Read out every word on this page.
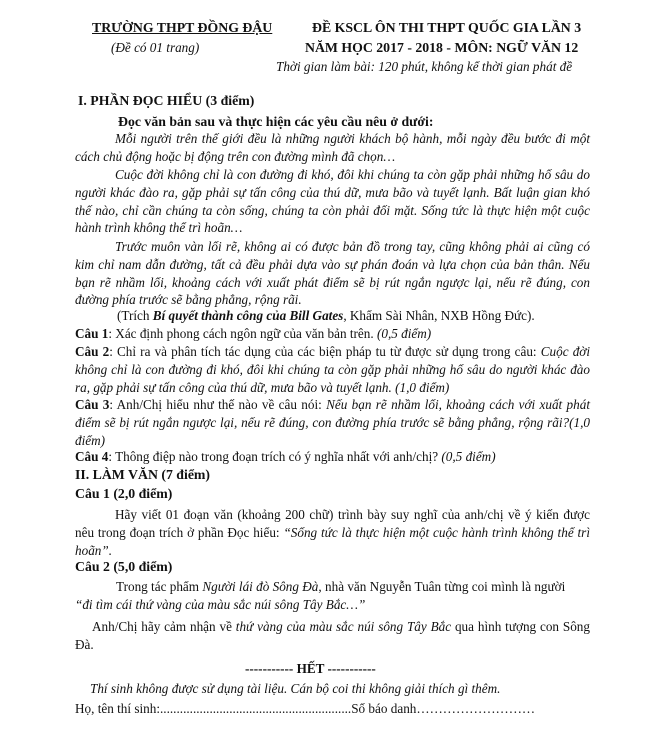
TRƯỜNG THPT ĐỒNG ĐẬU
(Đề có 01 trang)
ĐỀ KSCL ÔN THI THPT QUỐC GIA LẦN 3
NĂM HỌC 2017 - 2018 - MÔN: NGỮ VĂN 12
Thời gian làm bài: 120 phút, không kể thời gian phát đề
I. PHẦN ĐỌC HIỂU (3 điểm)
Đọc văn bản sau và thực hiện các yêu cầu nêu ở dưới:

Mỗi người trên thế giới đều là những người khách bộ hành, mỗi ngày đều bước đi một cách chủ động hoặc bị động trên con đường mình đã chọn…

Cuộc đời không chỉ là con đường đi khó, đôi khi chúng ta còn gặp phải những hố sâu do người khác đào ra, gặp phải sự tấn công của thú dữ, mưa bão và tuyết lạnh. Bất luận gian khó thế nào, chỉ cần chúng ta còn sống, chúng ta còn phải đối mặt. Sống tức là thực hiện một cuộc hành trình không thể trì hoãn…

Trước muôn vàn lối rẽ, không ai có được bản đồ trong tay, cũng không phải ai cũng có kim chỉ nam dẫn đường, tất cả đều phải dựa vào sự phán đoán và lựa chọn của bản thân. Nếu bạn rẽ nhầm lối, khoảng cách với xuất phát điểm sẽ bị rút ngắn ngược lại, nếu rẽ đúng, con đường phía trước sẽ bằng phẳng, rộng rãi.

(Trích Bí quyết thành công của Bill Gates, Khẩm Sài Nhân, NXB Hồng Đức).
Câu 1: Xác định phong cách ngôn ngữ của văn bản trên. (0,5 điểm)

Câu 2: Chỉ ra và phân tích tác dụng của các biện pháp tu từ được sử dụng trong câu: Cuộc đời không chỉ là con đường đi khó, đôi khi chúng ta còn gặp phải những hố sâu do người khác đào ra, gặp phải sự tấn công của thú dữ, mưa bão và tuyết lạnh. (1,0 điểm)

Câu 3: Anh/Chị hiểu như thế nào về câu nói: Nếu bạn rẽ nhầm lối, khoảng cách với xuất phát điểm sẽ bị rút ngắn ngược lại, nếu rẽ đúng, con đường phía trước sẽ bằng phẳng, rộng rãi?(1,0 điểm)

Câu 4: Thông điệp nào trong đoạn trích có ý nghĩa nhất với anh/chị? (0,5 điểm)
II. LÀM VĂN (7 điểm)
Câu 1 (2,0 điểm)

Hãy viết 01 đoạn văn (khoảng 200 chữ) trình bày suy nghĩ của anh/chị về ý kiến được nêu trong đoạn trích ở phần Đọc hiểu: “Sống tức là thực hiện một cuộc hành trình không thể trì hoãn”.

Câu 2 (5,0 điểm)
Trong tác phẩm Người lái đò Sông Đà, nhà văn Nguyễn Tuân từng coi mình là người
“đi tìm cái thứ vàng của màu sắc núi sông Tây Bắc…”

Anh/Chị hãy cảm nhận về thứ vàng của màu sắc núi sông Tây Bắc qua hình tượng con Sông Đà.

----------- HẾT -----------
Thí sinh không được sử dụng tài liệu. Cán bộ coi thi không giải thích gì thêm.
Họ, tên thí sinh:..........................................................Số báo danh………………………
